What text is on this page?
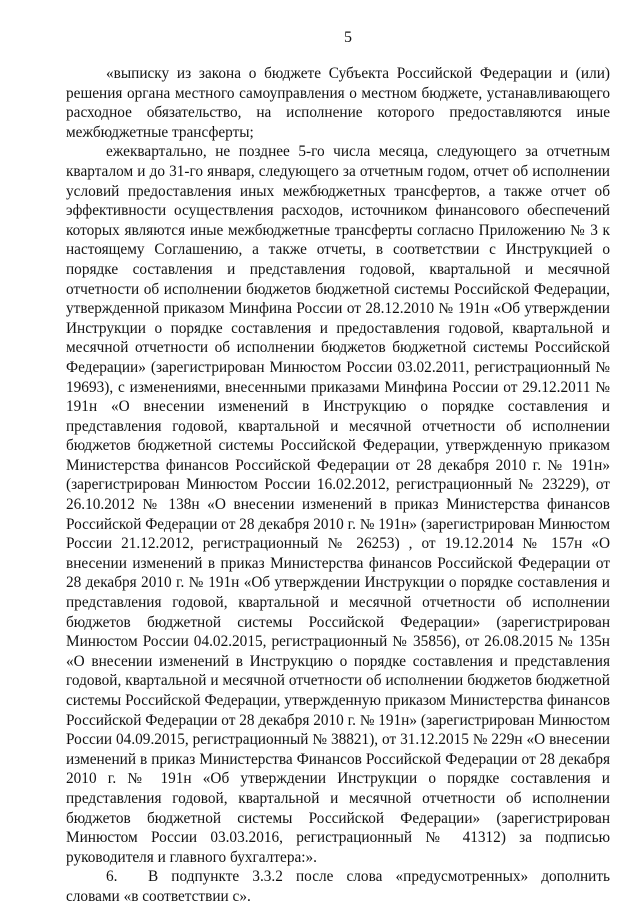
5

«выписку из закона о бюджете Субъекта Российской Федерации и (или) решения органа местного самоуправления о местном бюджете, устанавливающего расходное обязательство, на исполнение которого предоставляются иные межбюджетные трансферты;

ежеквартально, не позднее 5-го числа месяца, следующего за отчетным кварталом и до 31-го января, следующего за отчетным годом, отчет об исполнении условий предоставления иных межбюджетных трансфертов, а также отчет об эффективности осуществления расходов, источником финансового обеспечений которых являются иные межбюджетные трансферты согласно Приложению № 3 к настоящему Соглашению, а также отчеты, в соответствии с Инструкцией о порядке составления и представления годовой, квартальной и месячной отчетности об исполнении бюджетов бюджетной системы Российской Федерации, утвержденной приказом Минфина России от 28.12.2010 № 191н «Об утверждении Инструкции о порядке составления и предоставления годовой, квартальной и месячной отчетности об исполнении бюджетов бюджетной системы Российской Федерации» (зарегистрирован Минюстом России 03.02.2011, регистрационный № 19693), с изменениями, внесенными приказами Минфина России от 29.12.2011 № 191н «О внесении изменений в Инструкцию о порядке составления и представления годовой, квартальной и месячной отчетности об исполнении бюджетов бюджетной системы Российской Федерации, утвержденную приказом Министерства финансов Российской Федерации от 28 декабря 2010 г. № 191н» (зарегистрирован Минюстом России 16.02.2012, регистрационный № 23229), от 26.10.2012 № 138н «О внесении изменений в приказ Министерства финансов Российской Федерации от 28 декабря 2010 г. № 191н» (зарегистрирован Минюстом России 21.12.2012, регистрационный № 26253) , от 19.12.2014 № 157н «О внесении изменений в приказ Министерства финансов Российской Федерации от 28 декабря 2010 г. № 191н «Об утверждении Инструкции о порядке составления и представления годовой, квартальной и месячной отчетности об исполнении бюджетов бюджетной системы Российской Федерации» (зарегистрирован Минюстом России 04.02.2015, регистрационный № 35856), от 26.08.2015 № 135н «О внесении изменений в Инструкцию о порядке составления и представления годовой, квартальной и месячной отчетности об исполнении бюджетов бюджетной системы Российской Федерации, утвержденную приказом Министерства финансов Российской Федерации от 28 декабря 2010 г. № 191н» (зарегистрирован Минюстом России 04.09.2015, регистрационный № 38821), от 31.12.2015 № 229н «О внесении изменений в приказ Министерства Финансов Российской Федерации от 28 декабря 2010 г. № 191н «Об утверждении Инструкции о порядке составления и представления годовой, квартальной и месячной отчетности об исполнении бюджетов бюджетной системы Российской Федерации» (зарегистрирован Минюстом России 03.03.2016, регистрационный № 41312) за подписью руководителя и главного бухгалтера:».

6. В подпункте 3.3.2 после слова «предусмотренных» дополнить словами «в соответствии с».
